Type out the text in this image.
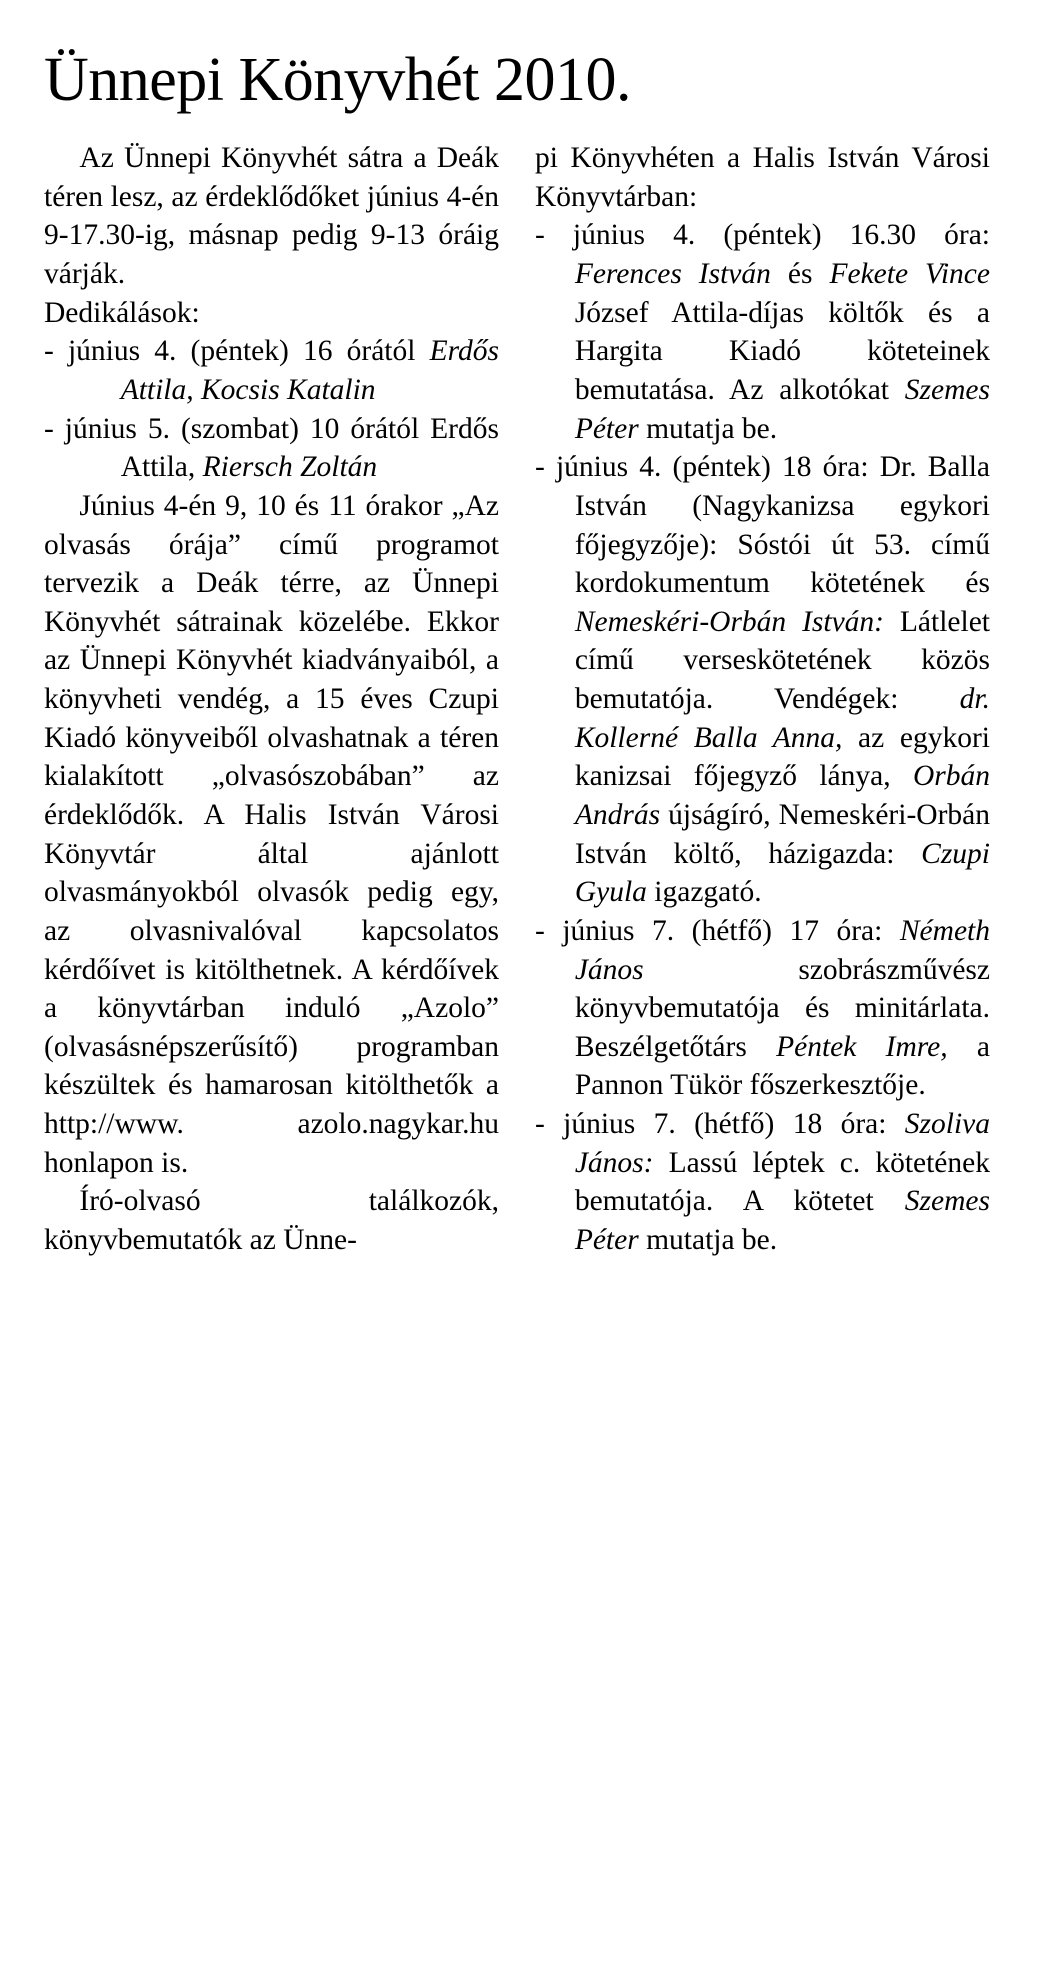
Ünnepi Könyvhét 2010.

Az Ünnepi Könyvhét sátra a Deák téren lesz, az érdeklődőket június 4-én 9-17.30-ig, másnap pedig 9-13 óráig várják.

Dedikálások:

- június 4. (péntek) 16 órától Erdős Attila, Kocsis Katalin
- június 5. (szombat) 10 órától Erdős Attila, Riersch Zoltán

Június 4-én 9, 10 és 11 órakor „Az olvasás órája” című programot tervezik a Deák térre, az Ünnepi Könyvhét sátrainak közelébe. Ekkor az Ünnepi Könyvhét kiadványaiból, a könyvheti vendég, a 15 éves Czupi Kiadó könyveiből olvashatnak a téren kialakított „olvasószobában” az érdeklődők. A Halis István Városi Könyvtár által ajánlott olvasmányokból olvasók pedig egy, az olvasnivalóval kapcsolatos kérdőívet is kitölthetnek. A kérdőívek a könyvtárban induló „Azolo” (olvasásnépszerűsítő) programban készültek és hamarosan kitölthetők a http://www. azolo.nagykar.hu honlapon is.

Író-olvasó találkozók, könyvbemutatók az Ünne-

pi Könyvhéten a Halis István Városi Könyvtárban:

- június 4. (péntek) 16.30 óra: Ferences István és Fekete Vince József Attila-díjas költők és a Hargita Kiadó köteteinek bemutatása. Az alkotókat Szemes Péter mutatja be.
- június 4. (péntek) 18 óra: Dr. Balla István (Nagykanizsa egykori főjegyzője): Sóstói út 53. című kordokumentum kötetének és Nemeskéri-Orbán István: Látlelet című verseskötetének közös bemutatója. Vendégek: dr. Kollerné Balla Anna, az egykori kanizsai főjegyző lánya, Orbán András újságíró, Nemeskéri-Orbán István költő, házigazda: Czupi Gyula igazgató.
- június 7. (hétfő) 17 óra: Németh János szobrászművész könyvbemutatója és minitárlata. Beszélgetőtárs Péntek Imre, a Pannon Tükör főszerkesztője.
- június 7. (hétfő) 18 óra: Szoliva János: Lassú léptek c. kötetének bemutatója. A kötetet Szemes Péter mutatja be.
